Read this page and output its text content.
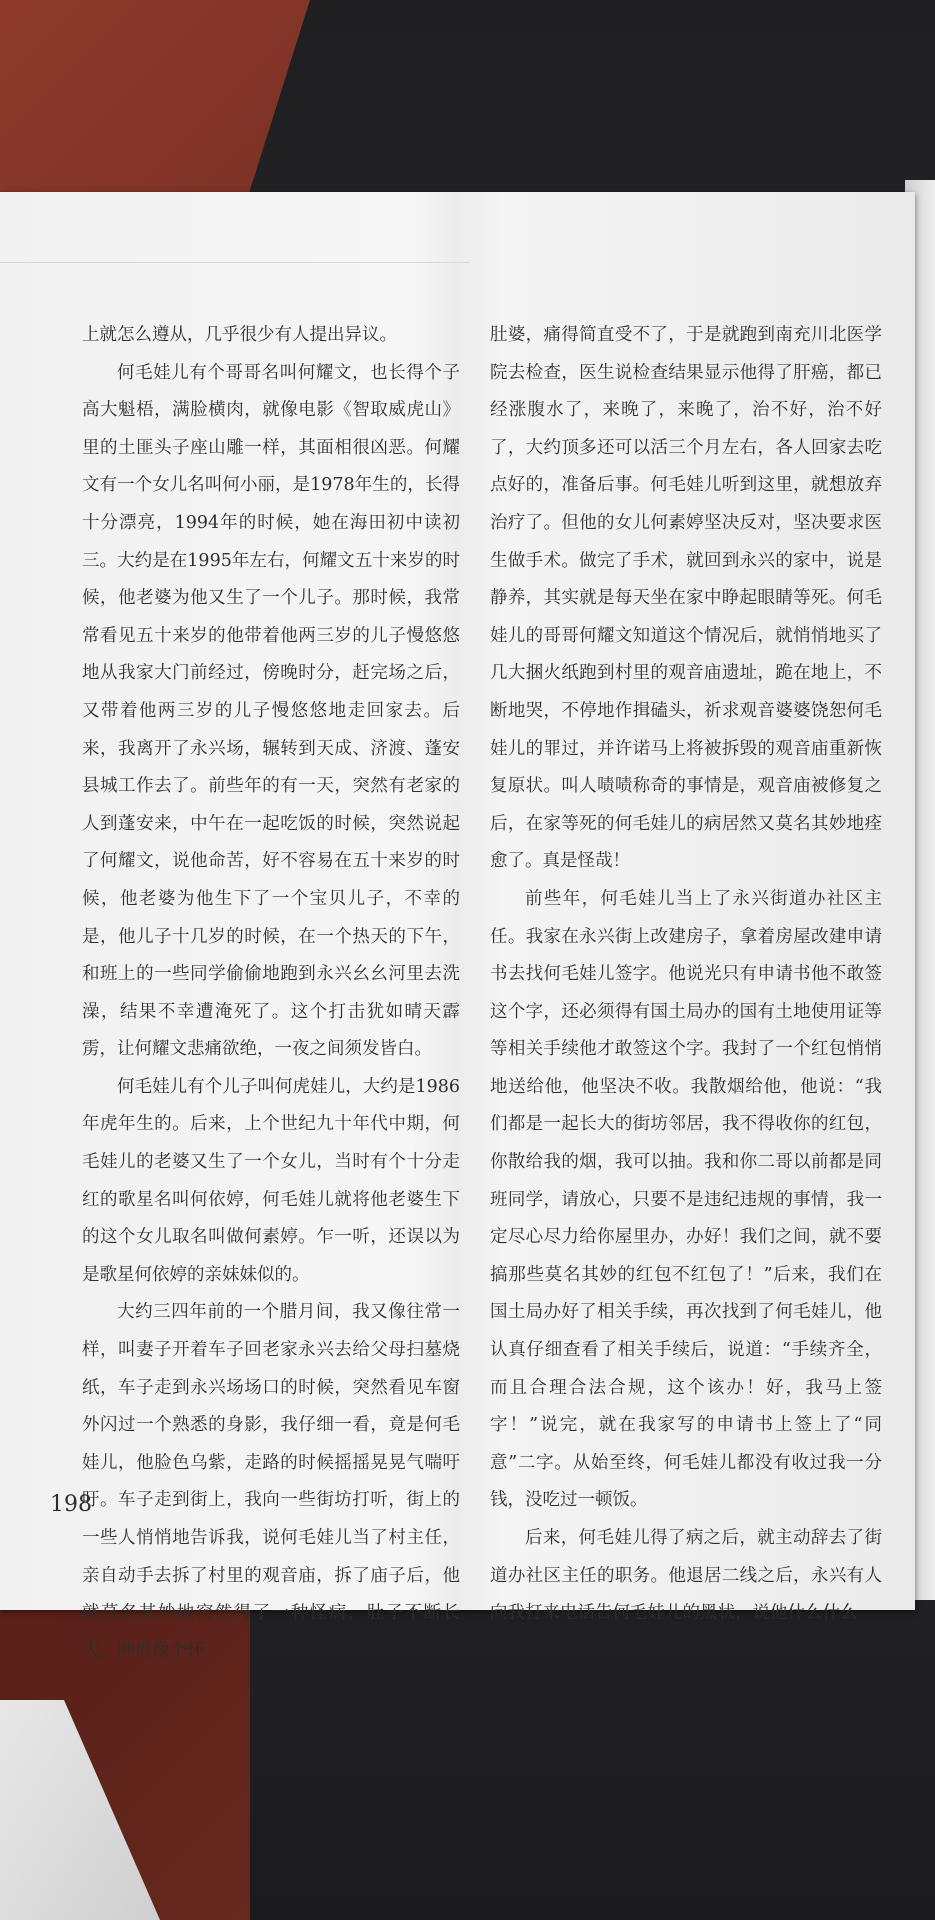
上就怎么遵从，几乎很少有人提出异议。

何毛娃儿有个哥哥名叫何耀文，也长得个子高大魁梧，满脸横肉，就像电影《智取威虎山》里的土匪头子座山雕一样，其面相很凶恶。何耀文有一个女儿名叫何小丽，是1978年生的，长得十分漂亮，1994年的时候，她在海田初中读初三。大约是在1995年左右，何耀文五十来岁的时候，他老婆为他又生了一个儿子。那时候，我常常看见五十来岁的他带着他两三岁的儿子慢悠悠地从我家大门前经过，傍晚时分，赶完场之后，又带着他两三岁的儿子慢悠悠地走回家去。后来，我离开了永兴场，辗转到天成、济渡、蓬安县城工作去了。前些年的有一天，突然有老家的人到蓬安来，中午在一起吃饭的时候，突然说起了何耀文，说他命苦，好不容易在五十来岁的时候，他老婆为他生下了一个宝贝儿子，不幸的是，他儿子十几岁的时候，在一个热天的下午，和班上的一些同学偷偷地跑到永兴幺幺河里去洗澡，结果不幸遭淹死了。这个打击犹如晴天霹雳，让何耀文悲痛欲绝，一夜之间须发皆白。

何毛娃儿有个儿子叫何虎娃儿，大约是1986年虎年生的。后来，上个世纪九十年代中期，何毛娃儿的老婆又生了一个女儿，当时有个十分走红的歌星名叫何依婷，何毛娃儿就将他老婆生下的这个女儿取名叫做何素婷。乍一听，还误以为是歌星何依婷的亲妹妹似的。

大约三四年前的一个腊月间，我又像往常一样，叫妻子开着车子回老家永兴去给父母扫墓烧纸，车子走到永兴场场口的时候，突然看见车窗外闪过一个熟悉的身影，我仔细一看，竟是何毛娃儿，他脸色乌紫，走路的时候摇摇晃晃气喘吁吁。车子走到街上，我向一些街坊打听，街上的一些人悄悄地告诉我，说何毛娃儿当了村主任，亲自动手去拆了村里的观音庙，拆了庙子后，他就莫名其妙地突然得了一种怪病，肚子不断长大，肿得像个怀

肚婆，痛得简直受不了，于是就跑到南充川北医学院去检查，医生说检查结果显示他得了肝癌，都已经涨腹水了，来晚了，来晚了，治不好，治不好了，大约顶多还可以活三个月左右，各人回家去吃点好的，准备后事。何毛娃儿听到这里，就想放弃治疗了。但他的女儿何素婷坚决反对，坚决要求医生做手术。做完了手术，就回到永兴的家中，说是静养，其实就是每天坐在家中睁起眼睛等死。何毛娃儿的哥哥何耀文知道这个情况后，就悄悄地买了几大捆火纸跑到村里的观音庙遗址，跪在地上，不断地哭，不停地作揖磕头，祈求观音婆婆饶恕何毛娃儿的罪过，并许诺马上将被拆毁的观音庙重新恢复原状。叫人啧啧称奇的事情是，观音庙被修复之后，在家等死的何毛娃儿的病居然又莫名其妙地痊愈了。真是怪哉！

前些年，何毛娃儿当上了永兴街道办社区主任。我家在永兴街上改建房子，拿着房屋改建申请书去找何毛娃儿签字。他说光只有申请书他不敢签这个字，还必须得有国土局办的国有土地使用证等等相关手续他才敢签这个字。我封了一个红包悄悄地送给他，他坚决不收。我散烟给他，他说：“我们都是一起长大的街坊邻居，我不得收你的红包，你散给我的烟，我可以抽。我和你二哥以前都是同班同学，请放心，只要不是违纪违规的事情，我一定尽心尽力给你屋里办，办好！我们之间，就不要搞那些莫名其妙的红包不红包了！”后来，我们在国土局办好了相关手续，再次找到了何毛娃儿，他认真仔细查看了相关手续后，说道：“手续齐全，而且合理合法合规，这个该办！好，我马上签字！”说完，就在我家写的申请书上签上了“同意”二字。从始至终，何毛娃儿都没有收过我一分钱，没吃过一顿饭。

后来，何毛娃儿得了病之后，就主动辞去了街道办社区主任的职务。他退居二线之后，永兴有人向我打来电话告何毛娃儿的黑状，说他什么什么

198
